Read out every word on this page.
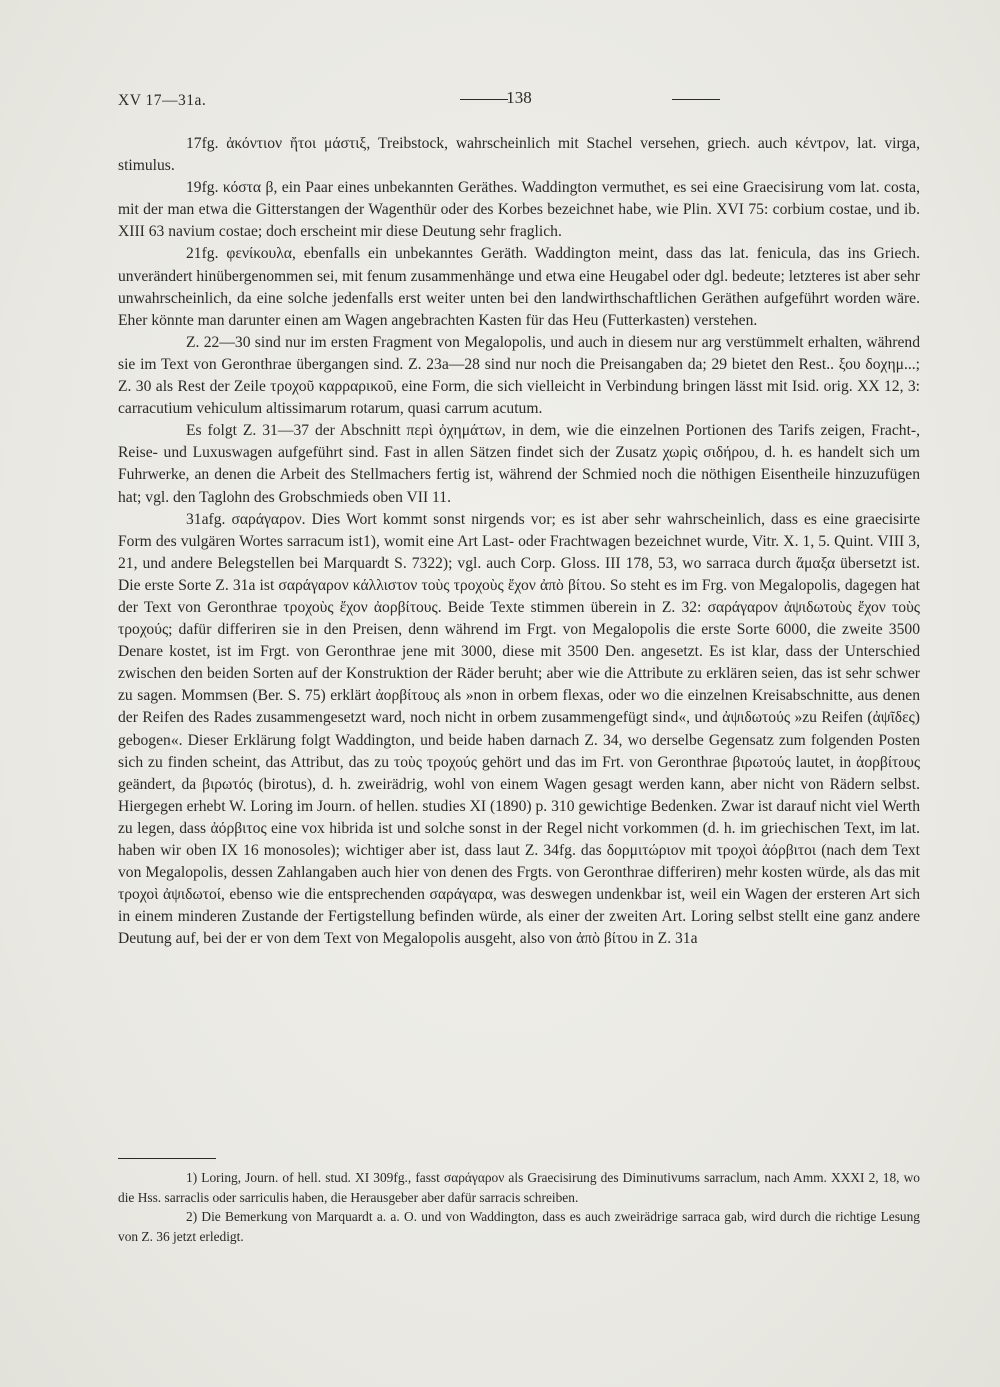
XV 17—31a.	138

17fg. ἀκόντιον ἤτοι μάστιξ, Treibstock, wahrscheinlich mit Stachel versehen, griech. auch κέντρον, lat. virga, stimulus.

19fg. κόστα β, ein Paar eines unbekannten Geräthes. Waddington vermuthet, es sei eine Graecisirung vom lat. costa, mit der man etwa die Gitterstangen der Wagenthür oder des Korbes bezeichnet habe, wie Plin. XVI 75: corbium costae, und ib. XIII 63 navium costae; doch erscheint mir diese Deutung sehr fraglich.

21fg. φενίκουλα, ebenfalls ein unbekanntes Geräth. Waddington meint, dass das lat. fenicula, das ins Griech. unverändert hinübergenommen sei, mit fenum zusammenhänge und etwa eine Heugabel oder dgl. bedeute; letzteres ist aber sehr unwahrscheinlich, da eine solche jedenfalls erst weiter unten bei den landwirthschaftlichen Geräthen aufgeführt worden wäre. Eher könnte man darunter einen am Wagen angebrachten Kasten für das Heu (Futterkasten) verstehen.

Z. 22—30 sind nur im ersten Fragment von Megalopolis, und auch in diesem nur arg verstümmelt erhalten, während sie im Text von Geronthrae übergangen sind. Z. 23a—28 sind nur noch die Preisangaben da; 29 bietet den Rest.. ξου δοχημ...; Z. 30 als Rest der Zeile τροχοῦ καρραρικοῦ, eine Form, die sich vielleicht in Verbindung bringen lässt mit Isid. orig. XX 12, 3: carracutium vehiculum altissimarum rotarum, quasi carrum acutum.

Es folgt Z. 31—37 der Abschnitt περὶ ὀχημάτων, in dem, wie die einzelnen Portionen des Tarifs zeigen, Fracht-, Reise- und Luxuswagen aufgeführt sind. Fast in allen Sätzen findet sich der Zusatz χωρὶς σιδήρου, d. h. es handelt sich um Fuhrwerke, an denen die Arbeit des Stellmachers fertig ist, während der Schmied noch die nöthigen Eisentheile hinzuzufügen hat; vgl. den Taglohn des Grobschmieds oben VII 11.

31afg. σαράγαρον. Dies Wort kommt sonst nirgends vor; es ist aber sehr wahrscheinlich, dass es eine graecisirte Form des vulgären Wortes sarracum ist1), womit eine Art Last- oder Frachtwagen bezeichnet wurde, Vitr. X. 1, 5. Quint. VIII 3, 21, und andere Belegstellen bei Marquardt S. 7322); vgl. auch Corp. Gloss. III 178, 53, wo sarraca durch ἅμαξα übersetzt ist. Die erste Sorte Z. 31a ist σαράγαρον κάλλιστον τοὺς τροχοὺς ἔχον ἀπὸ βίτου. So steht es im Frg. von Megalopolis, dagegen hat der Text von Geronthrae τροχοὺς ἔχον ἀορβίτους. Beide Texte stimmen überein in Z. 32: σαράγαρον ἀψιδωτοὺς ἔχον τοὺς τροχούς; dafür differiren sie in den Preisen, denn während im Frgt. von Megalopolis die erste Sorte 6000, die zweite 3500 Denare kostet, ist im Frgt. von Geronthrae jene mit 3000, diese mit 3500 Den. angesetzt. Es ist klar, dass der Unterschied zwischen den beiden Sorten auf der Konstruktion der Räder beruht; aber wie die Attribute zu erklären seien, das ist sehr schwer zu sagen. Mommsen (Ber. S. 75) erklärt ἀορβίτους als »non in orbem flexas, oder wo die einzelnen Kreisabschnitte, aus denen der Reifen des Rades zusammengesetzt ward, noch nicht in orbem zusammengefügt sind«, und ἀψιδωτούς »zu Reifen (ἀψῖδες) gebogen«. Dieser Erklärung folgt Waddington, und beide haben darnach Z. 34, wo derselbe Gegensatz zum folgenden Posten sich zu finden scheint, das Attribut, das zu τοὺς τροχούς gehört und das im Frt. von Geronthrae βιρωτούς lautet, in ἀορβίτους geändert, da βιρωτός (birotus), d. h. zweirädrig, wohl von einem Wagen gesagt werden kann, aber nicht von Rädern selbst. Hiergegen erhebt W. Loring im Journ. of hellen. studies XI (1890) p. 310 gewichtige Bedenken. Zwar ist darauf nicht viel Werth zu legen, dass ἀόρβιτος eine vox hibrida ist und solche sonst in der Regel nicht vorkommen (d. h. im griechischen Text, im lat. haben wir oben IX 16 monosoles); wichtiger aber ist, dass laut Z. 34fg. das δορμιτώριον mit τροχοὶ ἀόρβιτοι (nach dem Text von Megalopolis, dessen Zahlangaben auch hier von denen des Frgts. von Geronthrae differiren) mehr kosten würde, als das mit τροχοὶ ἀψιδωτοί, ebenso wie die entsprechenden σαράγαρα, was deswegen undenkbar ist, weil ein Wagen der ersteren Art sich in einem minderen Zustande der Fertigstellung befinden würde, als einer der zweiten Art. Loring selbst stellt eine ganz andere Deutung auf, bei der er von dem Text von Megalopolis ausgeht, also von ἀπὸ βίτου in Z. 31a

1) Loring, Journ. of hell. stud. XI 309fg., fasst σαράγαρον als Graecisirung des Diminutivums sarraclum, nach Amm. XXXI 2, 18, wo die Hss. sarraclis oder sarriculis haben, die Herausgeber aber dafür sarracis schreiben.

2) Die Bemerkung von Marquardt a. a. O. und von Waddington, dass es auch zweirädrige sarraca gab, wird durch die richtige Lesung von Z. 36 jetzt erledigt.
